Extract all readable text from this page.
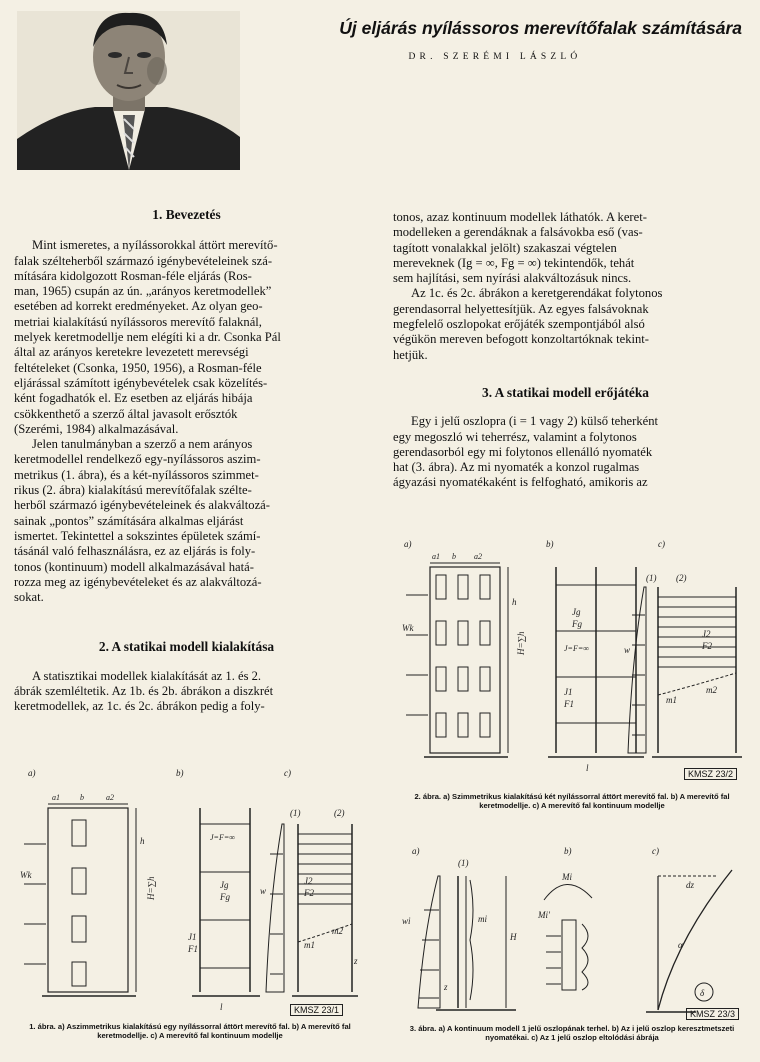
Új eljárás nyílássoros merevítőfalak számítására
DR. SZERÉMI LÁSZLÓ

1. Bevezetés

Mint ismeretes, a nyílássorokkal áttört merevítő-
falak szélteherből származó igénybevételeinek szá-
mítására kidolgozott Rosman-féle eljárás (Ros-
man, 1965) csupán az ún. „arányos keretmodellek”
esetében ad korrekt eredményeket. Az olyan geo-
metriai kialakítású nyílássoros merevítő falaknál,
melyek keretmodellje nem elégíti ki a dr. Csonka Pál
által az arányos keretekre levezetett merevségi
feltételeket (Csonka, 1950, 1956), a Rosman-féle
eljárással számított igénybevételek csak közelítés-
ként fogadhatók el. Ez esetben az eljárás hibája
csökkenthető a szerző által javasolt erősztók
(Szerémi, 1984) alkalmazásával.
Jelen tanulmányban a szerző a nem arányos
keretmodellel rendelkező egy-nyílássoros aszim-
metrikus (1. ábra), és a két-nyílássoros szimmet-
rikus (2. ábra) kialakítású merevítőfalak szélte-
herből származó igénybevételeinek és alakváltozá-
sainak „pontos” számítására alkalmas eljárást
ismertet. Tekintettel a sokszintes épületek számí-
tásánál való felhasználásra, ez az eljárás is foly-
tonos (kontinuum) modell alkalmazásával hatá-
rozza meg az igénybevételeket és az alakváltozá-
sokat.

2. A statikai modell kialakítása

A statisztikai modellek kialakítását az 1. és 2.
ábrák szemléltetik. Az 1b. és 2b. ábrákon a diszkrét
keretmodellek, az 1c. és 2c. ábrákon pedig a foly-
tonos, azaz kontinuum modellek láthatók. A keret-
modelleken a gerendáknak a falsávokba eső (vas-
tagított vonalakkal jelölt) szakaszai végtelen
mereveknek (Ig = ∞, Fg = ∞) tekintendők, tehát
sem hajlítási, sem nyírási alakváltozásuk nincs.
Az 1c. és 2c. ábrákon a keretgerendákat folytonos
gerendasorral helyettesítjük. Az egyes falsávoknak
megfelelő oszlopokat erőjáték szempontjából alsó
végükön mereven befogott konzoltartóknak tekint-
hetjük.

3. A statikai modell erőjátéka

Egy i jelű oszlopra (i = 1 vagy 2) külső teherként
egy megoszló wi teherrész, valamint a folytonos
gerendasorból egy mi folytonos ellenálló nyomaték
hat (3. ábra). Az mi nyomaték a konzol rugalmas
ágyazási nyomatékaként is felfogható, amikoris az
a)	b)	c)
a1 b a2
Wk
h
H=∑h
Jg
Fg
J=F=∞
J1
F1
(1) (2)
w
J2
F2
m2
m1
l
KMSZ 23/2
2. ábra. a) Szimmetrikus kialakítású két nyílássorral áttört merevítő fal. b) A merevítő fal keretmodellje. c) A merevítő fal kontinuum modellje
a)	b)	c)
a1	b	a2
Wk
h
H=∑h
J=F=∞
Jg
Fg
J1
F1
(1)	(2)
w
J2
F2
m2
m1
z
l	KMSZ 23/1
1. ábra. a) Aszimmetrikus kialakítású egy nyílássorral áttört merevítő fal. b) A merevítő fal keretmodellje. c) A merevítő fal kontinuum modellje
a)
(1)
b)	c)
wi	mi
H
z
Mi
Mi'
dz
α
δ
KMSZ 23/3
3. ábra. a) A kontinuum modell 1 jelű oszlopának terhel. b) Az i jelű oszlop keresztmetszeti nyomatékai. c) Az 1 jelű oszlop eltolódási ábrája
